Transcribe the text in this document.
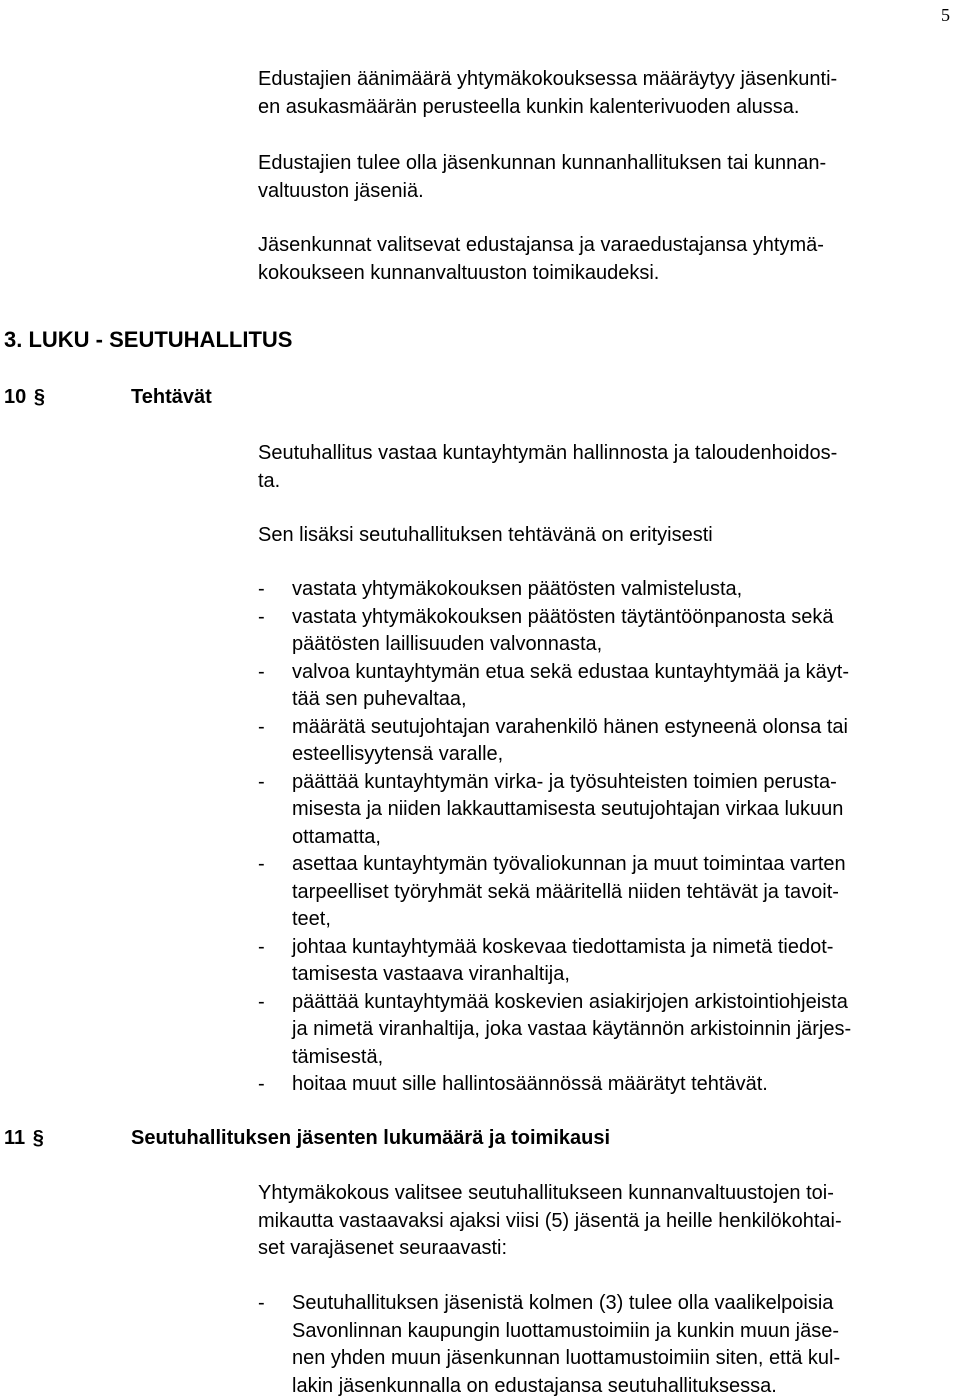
5
Edustajien äänimäärä yhtymäkokouksessa määräytyy jäsenkunti-
en asukasmäärän perusteella kunkin kalenterivuoden alussa.
Edustajien tulee olla jäsenkunnan kunnanhallituksen tai kunnan-
valtuuston jäseniä.
Jäsenkunnat valitsevat edustajansa ja varaedustajansa yhtymä-
kokoukseen kunnanvaltuuston toimikaudeksi.
3. LUKU - SEUTUHALLITUS
10 §	Tehtävät
Seutuhallitus vastaa kuntayhtymän hallinnosta ja taloudenhoidos-
ta.
Sen lisäksi seutuhallituksen tehtävänä on erityisesti
-	vastata yhtymäkokouksen päätösten valmistelusta,
-	vastata yhtymäkokouksen päätösten täytäntöönpanosta sekä
päätösten laillisuuden valvonnasta,
-	valvoa kuntayhtymän etua sekä edustaa kuntayhtymää ja käyt-
tää sen puhevaltaa,
-	määrätä seutujohtajan varahenkilö hänen estyneenä olonsa tai
esteellisyytensä varalle,
-	päättää kuntayhtymän virka- ja työsuhteisten toimien perusta-
misesta ja niiden lakkauttamisesta seutujohtajan virkaa lukuun
ottamatta,
-	asettaa kuntayhtymän työvaliokunnan ja muut toimintaa varten
tarpeelliset työryhmät sekä määritellä niiden tehtävät ja tavoit-
teet,
-	johtaa kuntayhtymää koskevaa tiedottamista ja nimetä tiedot-
tamisesta vastaava viranhaltija,
-	päättää kuntayhtymää koskevien asiakirjojen arkistointiohjeista
ja nimetä viranhaltija, joka vastaa käytännön arkistoinnin järjes-
tämisestä,
-	hoitaa muut sille hallintosäännössä määrätyt tehtävät.
11 §	Seutuhallituksen jäsenten lukumäärä ja toimikausi
Yhtymäkokous valitsee seutuhallitukseen kunnanvaltuustojen toi-
mikautta vastaavaksi ajaksi viisi (5) jäsentä ja heille henkilökohtai-
set varajäsenet seuraavasti:
-	Seutuhallituksen jäsenistä kolmen (3) tulee olla vaalikelpoisia
Savonlinnan kaupungin luottamustoimiin ja kunkin muun jäse-
nen yhden muun jäsenkunnan luottamustoimiin siten, että kul-
lakin jäsenkunnalla on edustajansa seutuhallituksessa.
